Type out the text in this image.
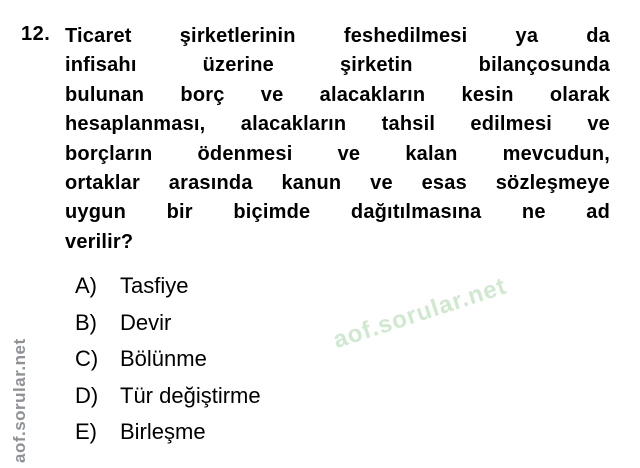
12. Ticaret şirketlerinin feshedilmesi ya da
infisahı üzerine şirketin bilançosunda
bulunan borç ve alacakların kesin olarak
hesaplanması, alacakların tahsil edilmesi ve
borçların ödenmesi ve kalan mevcudun,
ortaklar arasında kanun ve esas sözleşmeye
uygun bir biçimde dağıtılmasına ne ad
verilir?
A)	Tasfiye
B)	Devir
C) Bölünme
D) Tür değiştirme
E)	Birleşme
aof.sorular.net
aof.sorular.net
